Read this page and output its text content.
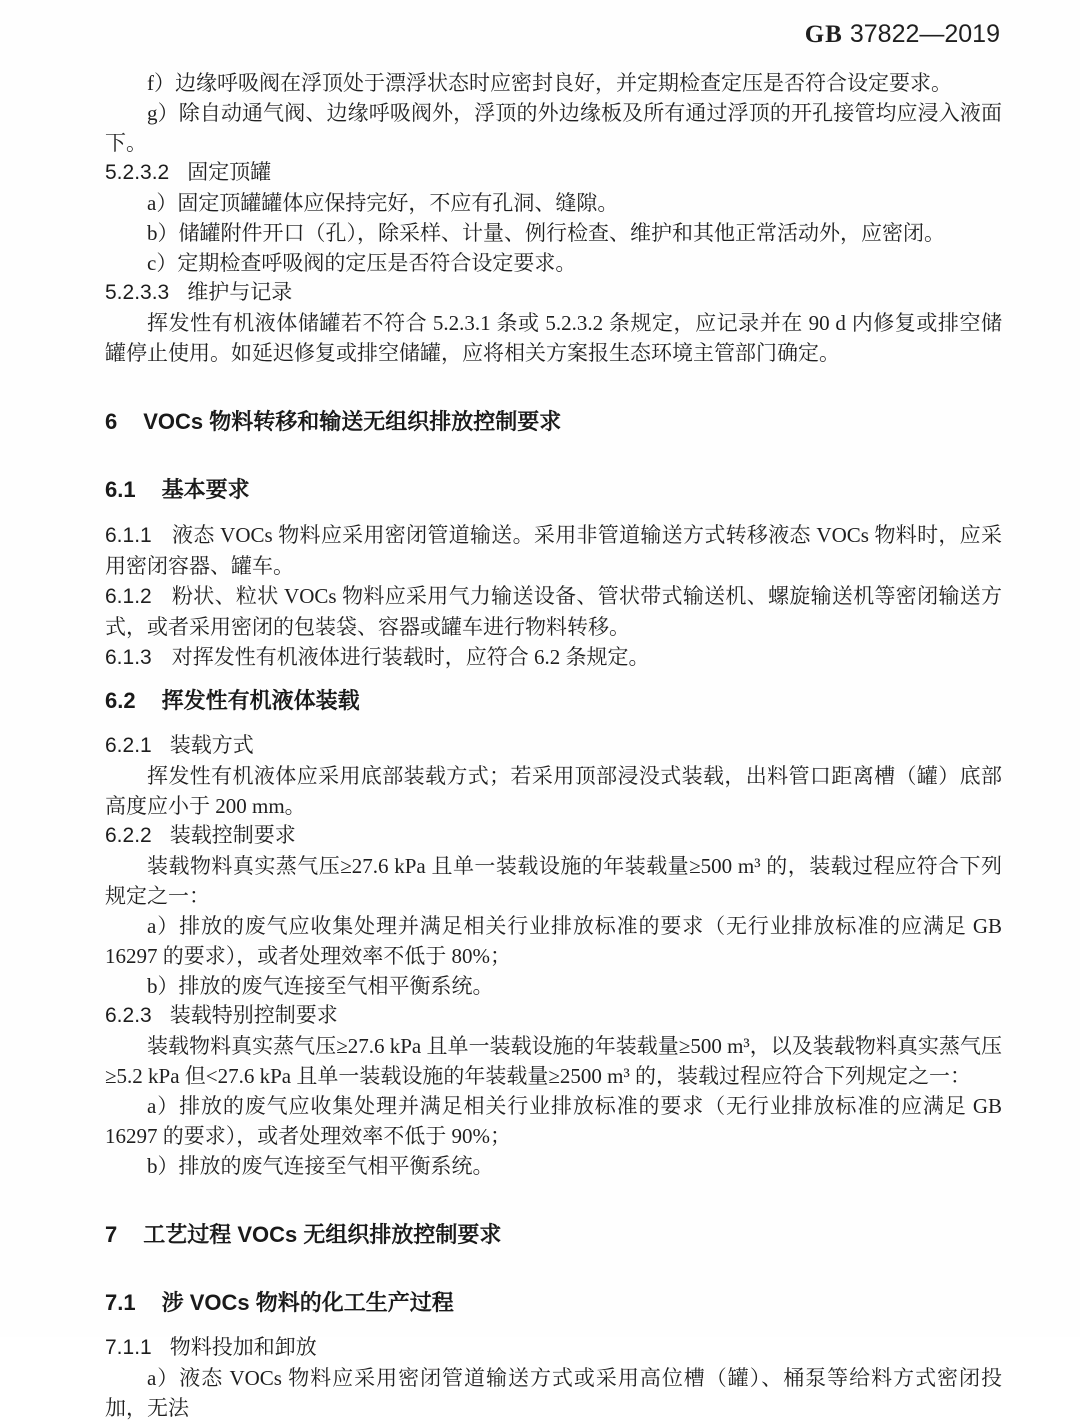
GB 37822—2019

f）边缘呼吸阀在浮顶处于漂浮状态时应密封良好，并定期检查定压是否符合设定要求。

g）除自动通气阀、边缘呼吸阀外，浮顶的外边缘板及所有通过浮顶的开孔接管均应浸入液面下。

5.2.3.2 固定顶罐

a）固定顶罐罐体应保持完好，不应有孔洞、缝隙。

b）储罐附件开口（孔），除采样、计量、例行检查、维护和其他正常活动外，应密闭。

c）定期检查呼吸阀的定压是否符合设定要求。

5.2.3.3 维护与记录

挥发性有机液体储罐若不符合 5.2.3.1 条或 5.2.3.2 条规定，应记录并在 90 d 内修复或排空储罐停止使用。如延迟修复或排空储罐，应将相关方案报生态环境主管部门确定。

6 VOCs 物料转移和输送无组织排放控制要求

6.1 基本要求

6.1.1 液态 VOCs 物料应采用密闭管道输送。采用非管道输送方式转移液态 VOCs 物料时，应采用密闭容器、罐车。

6.1.2 粉状、粒状 VOCs 物料应采用气力输送设备、管状带式输送机、螺旋输送机等密闭输送方式，或者采用密闭的包装袋、容器或罐车进行物料转移。

6.1.3 对挥发性有机液体进行装载时，应符合 6.2 条规定。

6.2 挥发性有机液体装载

6.2.1 装载方式

挥发性有机液体应采用底部装载方式；若采用顶部浸没式装载，出料管口距离槽（罐）底部高度应小于 200 mm。

6.2.2 装载控制要求

装载物料真实蒸气压≥27.6 kPa 且单一装载设施的年装载量≥500 m³ 的，装载过程应符合下列规定之一：

a）排放的废气应收集处理并满足相关行业排放标准的要求（无行业排放标准的应满足 GB 16297 的要求），或者处理效率不低于 80%；

b）排放的废气连接至气相平衡系统。

6.2.3 装载特别控制要求

装载物料真实蒸气压≥27.6 kPa 且单一装载设施的年装载量≥500 m³，以及装载物料真实蒸气压≥5.2 kPa 但<27.6 kPa 且单一装载设施的年装载量≥2500 m³ 的，装载过程应符合下列规定之一：

a）排放的废气应收集处理并满足相关行业排放标准的要求（无行业排放标准的应满足 GB 16297 的要求），或者处理效率不低于 90%；

b）排放的废气连接至气相平衡系统。

7 工艺过程 VOCs 无组织排放控制要求

7.1 涉 VOCs 物料的化工生产过程

7.1.1 物料投加和卸放

a）液态 VOCs 物料应采用密闭管道输送方式或采用高位槽（罐）、桶泵等给料方式密闭投加，无法
